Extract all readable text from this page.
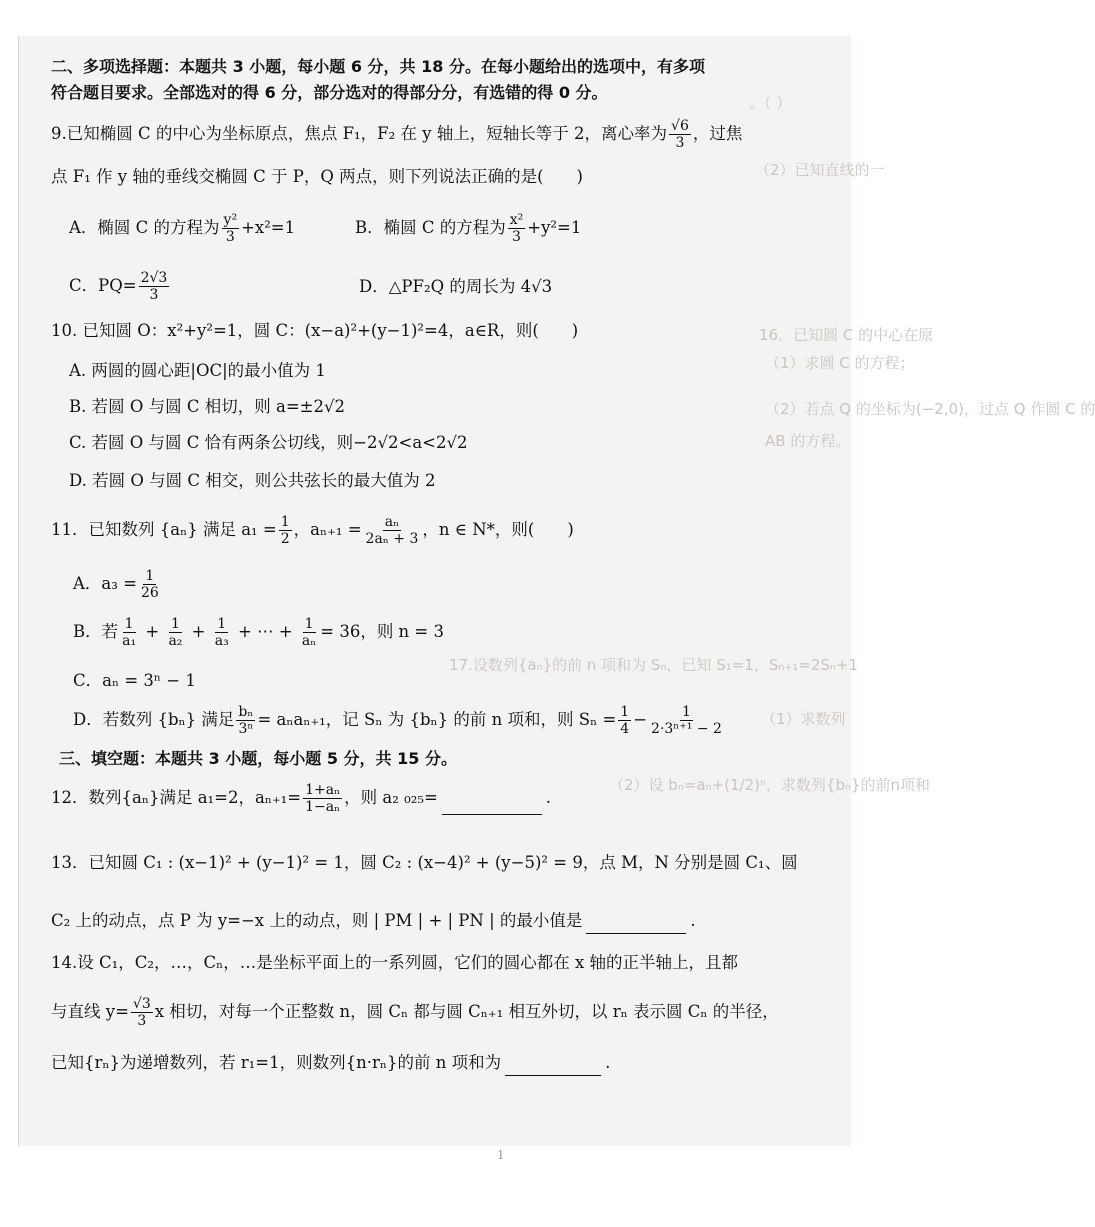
。（ ）
（2）已知直线的一
16．已知圆 C 的中心在原
（1）求圆 C 的方程；
（2）若点 Q 的坐标为(−2,0)，过点 Q 作圆 C 的
AB 的方程。
17.设数列{aₙ}的前 n 项和为 Sₙ，已知 S₁=1，Sₙ₊₁=2Sₙ+1
（1）求数列
（2）设 bₙ=aₙ+(1/2)ⁿ，求数列{bₙ}的前n项和
二、多项选择题：本题共 3 小题，每小题 6 分，共 18 分。在每小题给出的选项中，有多项
符合题目要求。全部选对的得 6 分，部分选对的得部分分，有选错的得 0 分。
9.已知椭圆 C 的中心为坐标原点，焦点 F₁，F₂ 在 y 轴上，短轴长等于 2，离心率为 $\frac{√6}{3}$ ，过焦
点 F₁ 作 y 轴的垂线交椭圆 C 于 P，Q 两点，则下列说法正确的是(　　)
A．椭圆 C 的方程为 $\frac{\text{y²}}{3} +x^2=1$	B．椭圆 C 的方程为 $\frac{\text{x²}}{3} +y^2=1$
C．$PQ= \frac{2√3}{3}$	D．△PF₂Q 的周长为 4√3
10. 已知圆 O：x²+y²=1，圆 C：(x−a)²+(y−1)²=4，a∈R，则(　　)
A. 两圆的圆心距|OC|的最小值为 1
B. 若圆 O 与圆 C 相切，则 a=±2√2
C. 若圆 O 与圆 C 恰有两条公切线，则−2√2<a<2√2
D. 若圆 O 与圆 C 相交，则公共弦长的最大值为 2
11．已知数列 {aₙ} 满足 $a_1 = \frac{1}{2}$ ，$a_{n+1} = \frac{\text{aₙ}}{\text{2aₙ + 3}}$ ，n ∈ N*，则(　　)
A．$a_3 = \frac{1}{26}$
B．若 $\frac{1}{\text{a₁}} + \frac{1}{\text{a₂}} + \frac{1}{\text{a₃}}$ + ⋯ + $\frac{1}{\text{aₙ}} = 36$，则 n = 3
C．aₙ = 3ⁿ − 1
D．若数列 {bₙ} 满足 $\frac{\text{bₙ}}{\text{3ⁿ}} = a_na_{n+1}$，记 Sₙ 为 {bₙ} 的前 n 项和，则 $S_n = \frac{1}{4} - \frac{1}{\text{2·3ⁿ⁺¹ − 2}}$
三、填空题：本题共 3 小题，每小题 5 分，共 15 分。
12．数列{aₙ}满足 a₁=2，$a_{n+1}= \frac{\text{1+aₙ}}{\text{1−aₙ}}$ ，则 a₂ ₀₂₅=	.
13．已知圆 C₁ : (x−1)² + (y−1)² = 1，圆 C₂ : (x−4)² + (y−5)² = 9，点 M，N 分别是圆 C₁、圆
C₂ 上的动点，点 P 为 y=−x 上的动点，则 | PM | + | PN | 的最小值是	.
14.设 C₁，C₂，…，Cₙ，…是坐标平面上的一系列圆，它们的圆心都在 x 轴的正半轴上，且都
与直线 $y= \frac{√3}{3}$ x 相切，对每一个正整数 n，圆 Cₙ 都与圆 Cₙ₊₁ 相互外切，以 rₙ 表示圆 Cₙ 的半径，
已知{rₙ}为递增数列，若 r₁=1，则数列{n·rₙ}的前 n 项和为	.
1
